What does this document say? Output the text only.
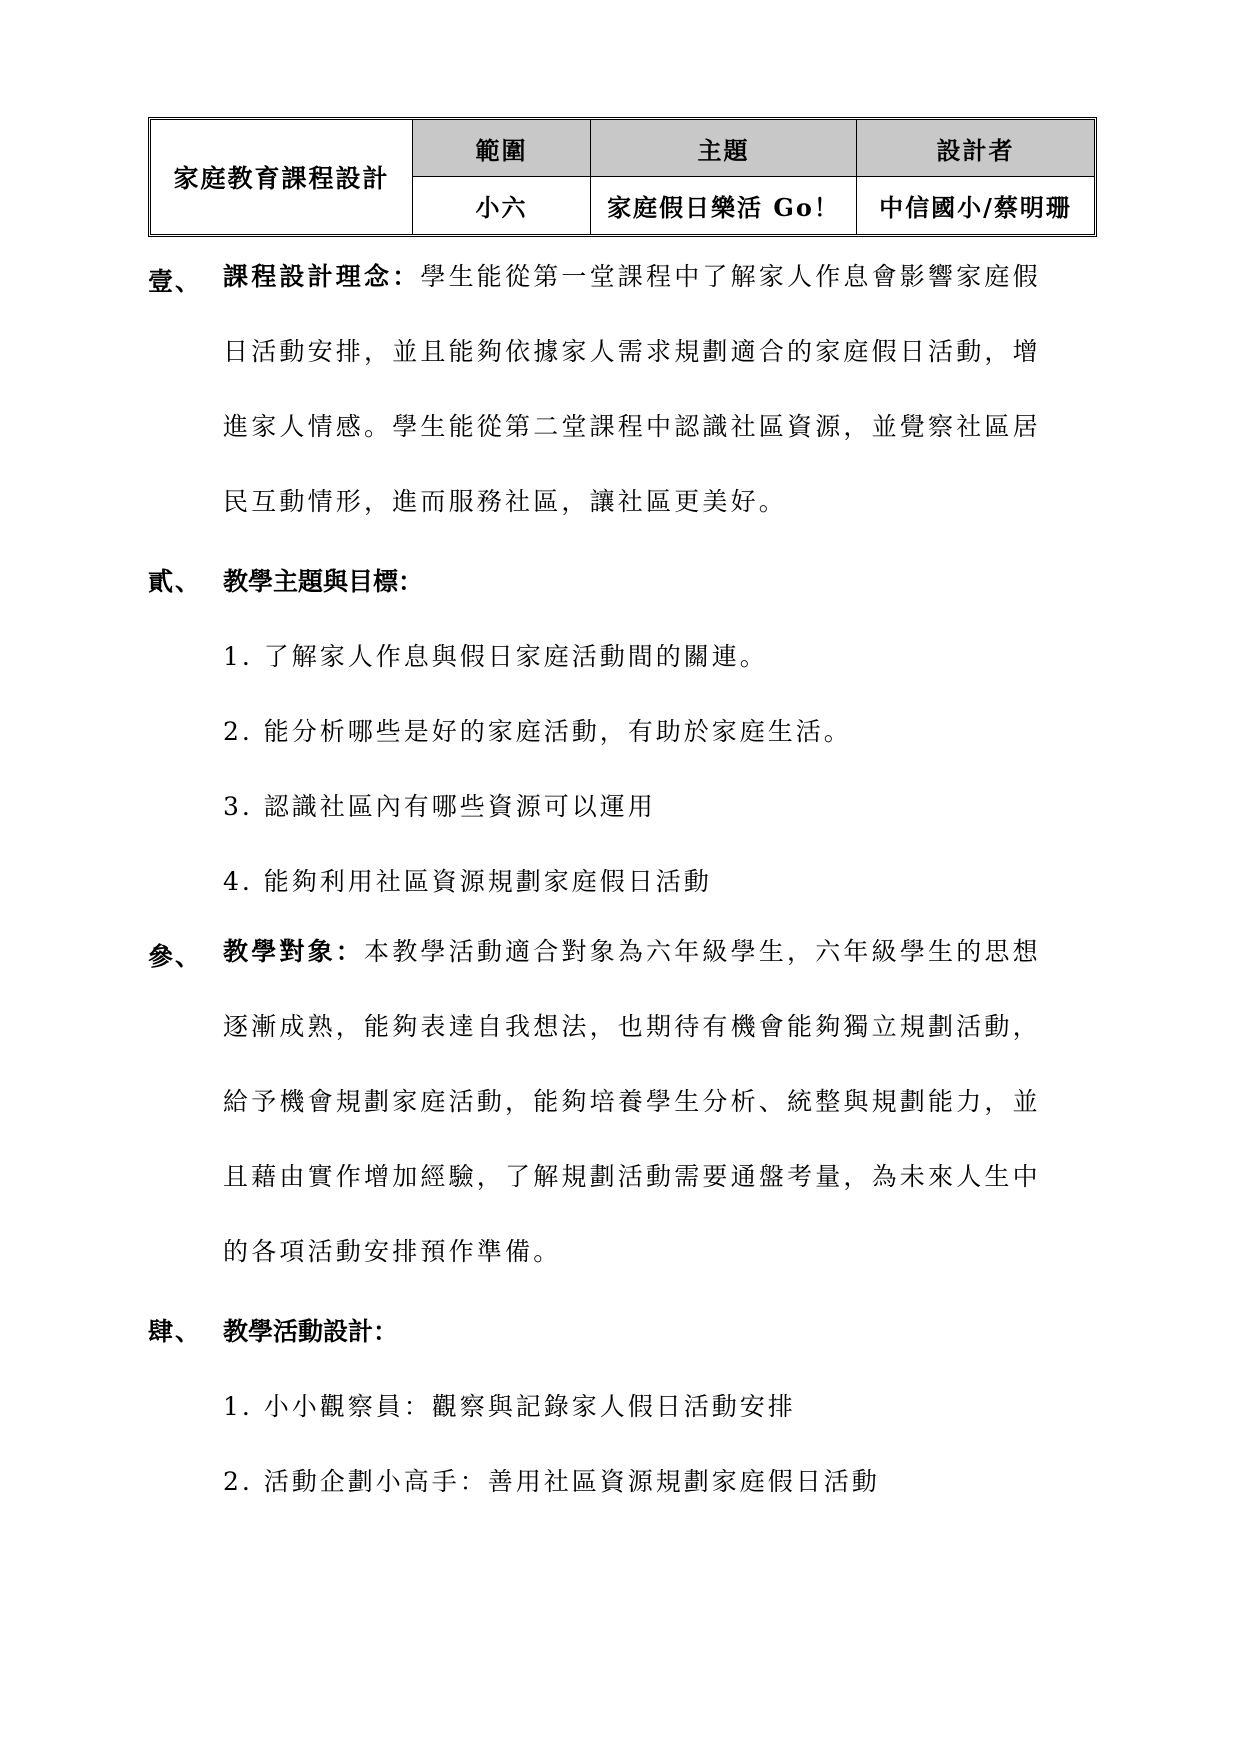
家庭教育課程設計
範圍	主題	設計者
小六	家庭假日樂活 Go！	中信國小/蔡明珊
壹、 課程設計理念：學生能從第一堂課程中了解家人作息會影響家庭假
日活動安排，並且能夠依據家人需求規劃適合的家庭假日活動，增
進家人情感。學生能從第二堂課程中認識社區資源，並覺察社區居
民互動情形，進而服務社區，讓社區更美好。
貳、 教學主題與目標：
1. 了解家人作息與假日家庭活動間的關連。
2. 能分析哪些是好的家庭活動，有助於家庭生活。
3. 認識社區內有哪些資源可以運用
4. 能夠利用社區資源規劃家庭假日活動
參、 教學對象：本教學活動適合對象為六年級學生，六年級學生的思想
逐漸成熟，能夠表達自我想法，也期待有機會能夠獨立規劃活動，
給予機會規劃家庭活動，能夠培養學生分析、統整與規劃能力，並
且藉由實作增加經驗，了解規劃活動需要通盤考量，為未來人生中
的各項活動安排預作準備。
肆、 教學活動設計：
1. 小小觀察員：觀察與記錄家人假日活動安排
2. 活動企劃小高手：善用社區資源規劃家庭假日活動
